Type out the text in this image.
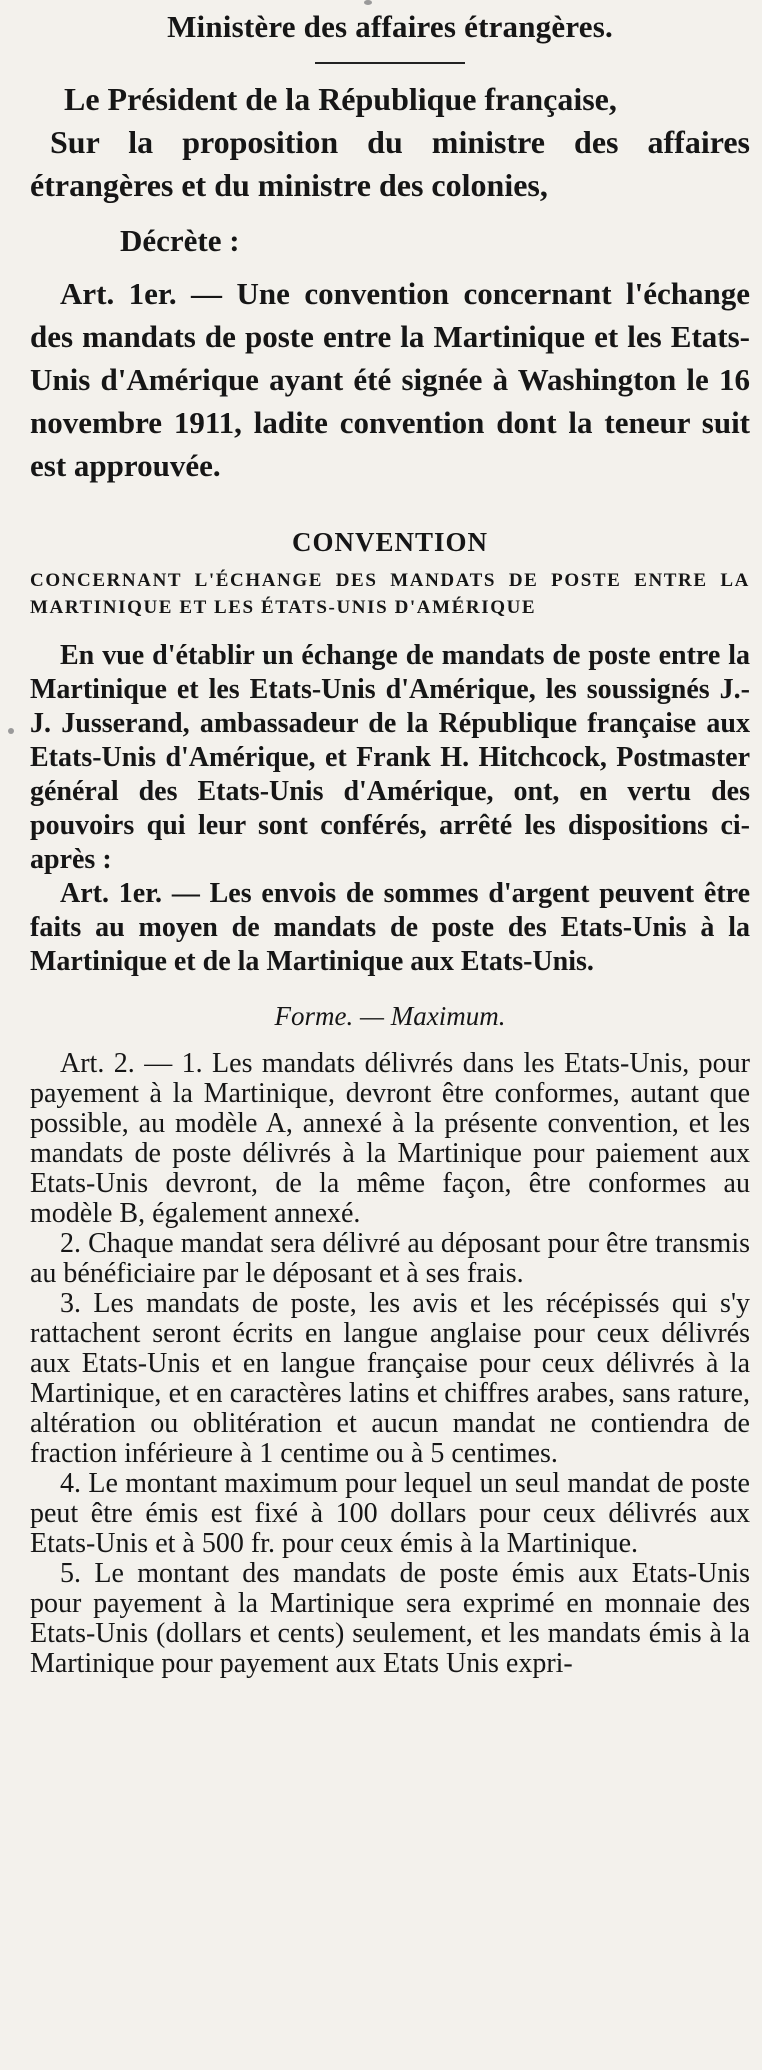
Ministère des affaires étrangères.

Le Président de la République française,

Sur la proposition du ministre des affaires étrangères et du ministre des colonies,

Décrète :

Art. 1er. — Une convention concernant l'échange des mandats de poste entre la Martinique et les Etats-Unis d'Amérique ayant été signée à Washington le 16 novembre 1911, ladite convention dont la teneur suit est approuvée.

CONVENTION
CONCERNANT L'ÉCHANGE DES MANDATS DE POSTE ENTRE LA MARTINIQUE ET LES ÉTATS-UNIS D'AMÉRIQUE

En vue d'établir un échange de mandats de poste entre la Martinique et les Etats-Unis d'Amérique, les soussignés J.-J. Jusserand, ambassadeur de la République française aux Etats-Unis d'Amérique, et Frank H. Hitchcock, Postmaster général des Etats-Unis d'Amérique, ont, en vertu des pouvoirs qui leur sont conférés, arrêté les dispositions ci-après :

Art. 1er. — Les envois de sommes d'argent peuvent être faits au moyen de mandats de poste des Etats-Unis à la Martinique et de la Martinique aux Etats-Unis.

Forme. — Maximum.

Art. 2. — 1. Les mandats délivrés dans les Etats-Unis, pour payement à la Martinique, devront être conformes, autant que possible, au modèle A, annexé à la présente convention, et les mandats de poste délivrés à la Martinique pour paiement aux Etats-Unis devront, de la même façon, être conformes au modèle B, également annexé.

2. Chaque mandat sera délivré au déposant pour être transmis au bénéficiaire par le déposant et à ses frais.

3. Les mandats de poste, les avis et les récépissés qui s'y rattachent seront écrits en langue anglaise pour ceux délivrés aux Etats-Unis et en langue française pour ceux délivrés à la Martinique, et en caractères latins et chiffres arabes, sans rature, altération ou oblitération et aucun mandat ne contiendra de fraction inférieure à 1 centime ou à 5 centimes.

4. Le montant maximum pour lequel un seul mandat de poste peut être émis est fixé à 100 dollars pour ceux délivrés aux Etats-Unis et à 500 fr. pour ceux émis à la Martinique.

5. Le montant des mandats de poste émis aux Etats-Unis pour payement à la Martinique sera exprimé en monnaie des Etats-Unis (dollars et cents) seulement, et les mandats émis à la Martinique pour payement aux Etats Unis expri-
